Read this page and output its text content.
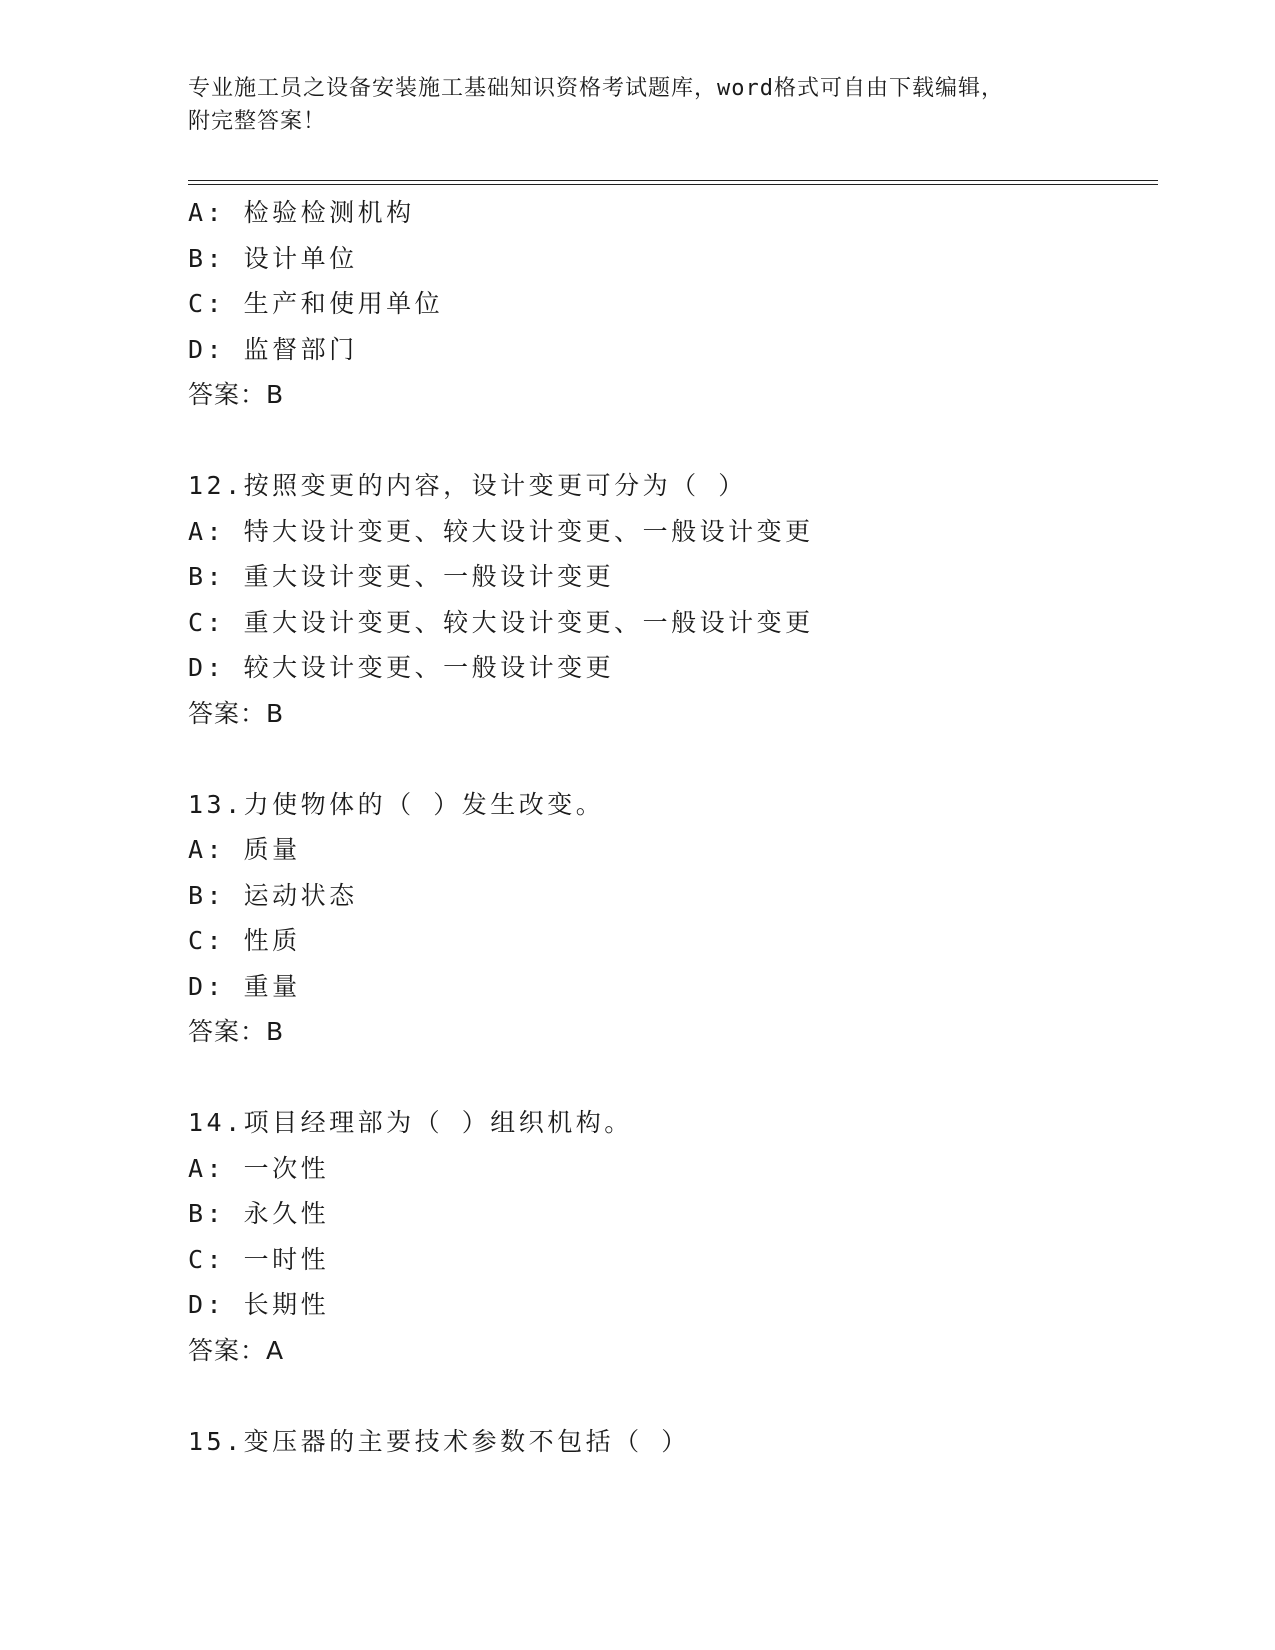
专业施工员之设备安装施工基础知识资格考试题库，word格式可自由下载编辑，
附完整答案！
A: 检验检测机构
B: 设计单位
C: 生产和使用单位
D: 监督部门
答案：B
12.按照变更的内容，设计变更可分为（ ）
A: 特大设计变更、较大设计变更、一般设计变更
B: 重大设计变更、一般设计变更
C: 重大设计变更、较大设计变更、一般设计变更
D: 较大设计变更、一般设计变更
答案：B
13.力使物体的（ ）发生改变。
A: 质量
B: 运动状态
C: 性质
D: 重量
答案：B
14.项目经理部为（ ）组织机构。
A: 一次性
B: 永久性
C: 一时性
D: 长期性
答案：A
15.变压器的主要技术参数不包括（ ）
